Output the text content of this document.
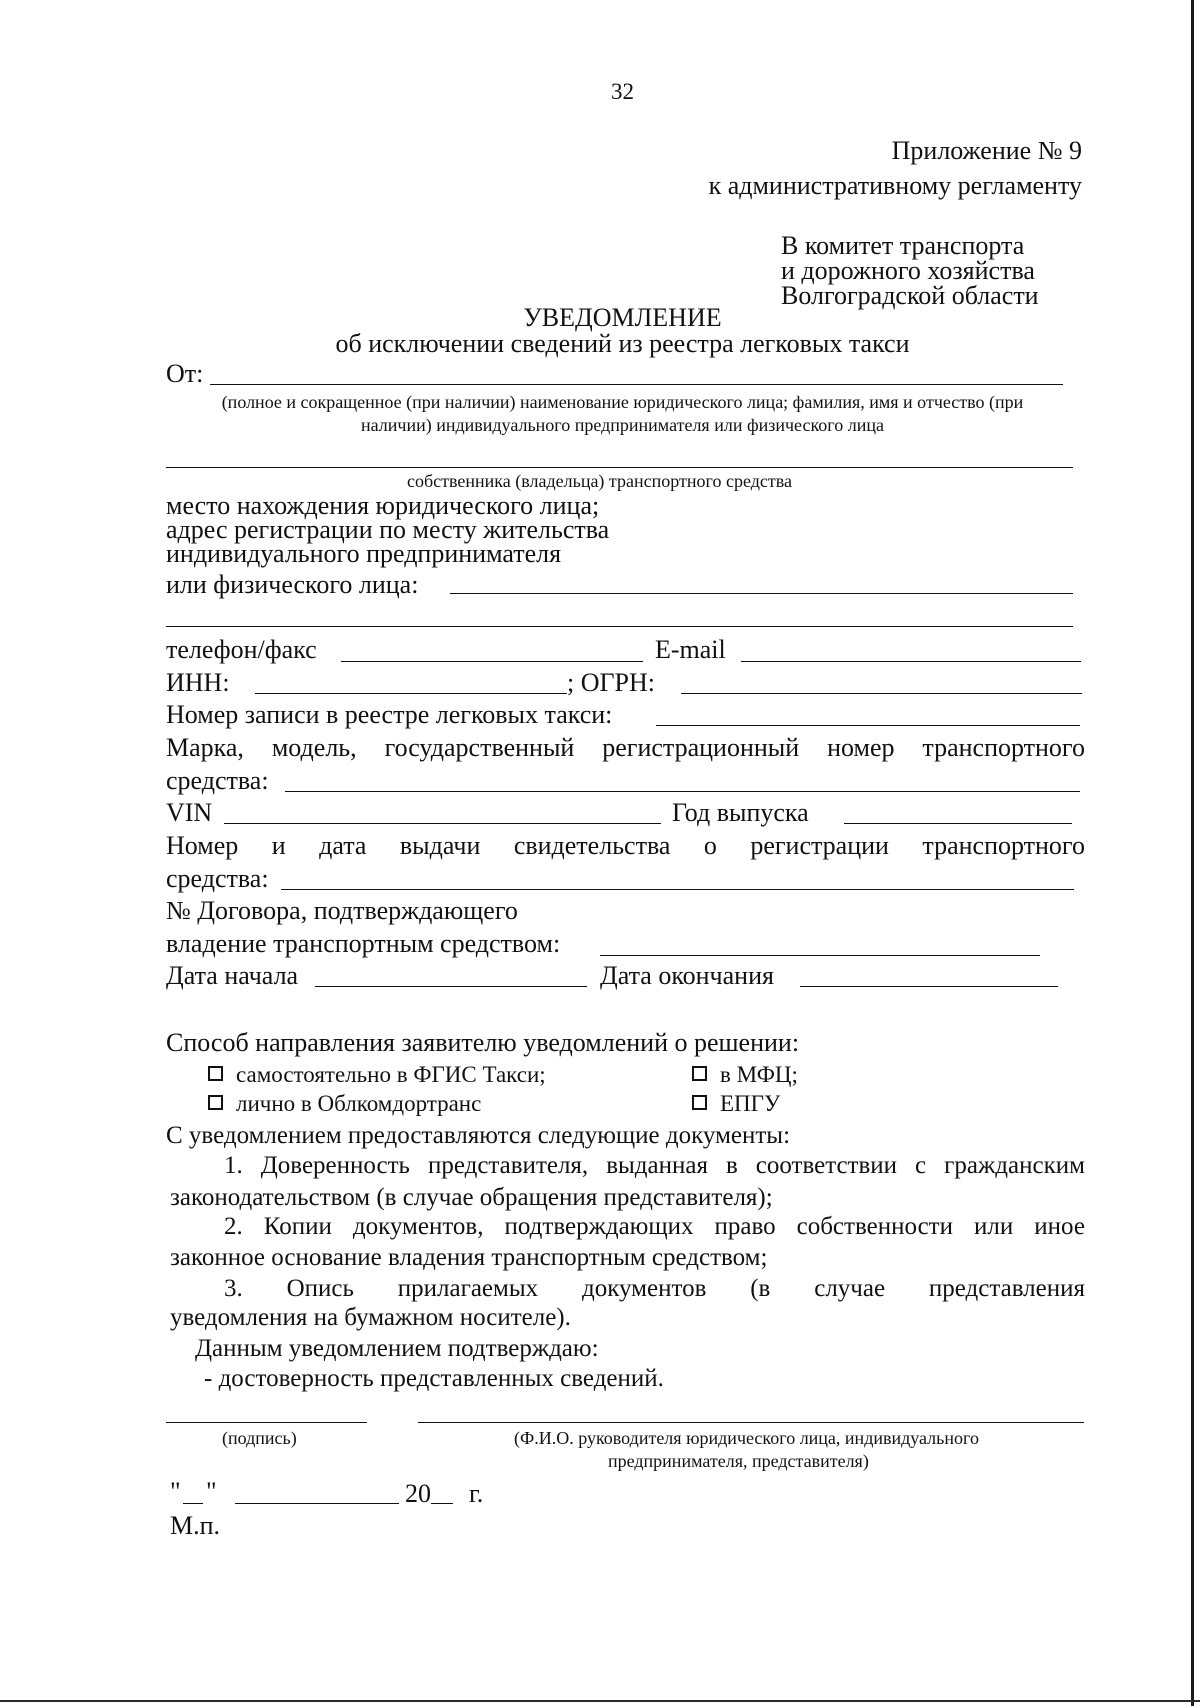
32
Приложение № 9
к административному регламенту
В комитет транспорта
и дорожного хозяйства
Волгоградской области
УВЕДОМЛЕНИЕ
об исключении сведений из реестра легковых такси
От:
(полное и сокращенное (при наличии) наименование юридического лица; фамилия, имя и отчество (при
наличии) индивидуального предпринимателя или физического лица
собственника (владельца) транспортного средства
место нахождения юридического лица;
адрес регистрации по месту жительства
индивидуального предпринимателя
или физического лица:
телефон/факс	E-mail
ИНН:	; ОГРН:
Номер записи в реестре легковых такси:
Марка, модель, государственный регистрационный номер транспортного
средства:
VIN	Год выпуска
Номер и дата выдачи свидетельства о регистрации транспортного
средства:
№ Договора, подтверждающего
владение транспортным средством:
Дата начала	Дата окончания
Способ направления заявителю уведомлений о решении:
самостоятельно в ФГИС Такси;	в МФЦ;
лично в Облкомдортранс	ЕПГУ
С уведомлением предоставляются следующие документы:
1. Доверенность представителя, выданная в соответствии с гражданским
законодательством (в случае обращения представителя);
2. Копии документов, подтверждающих право собственности или иное
законное основание владения транспортным средством;
3. Опись прилагаемых документов (в случае представления
уведомления на бумажном носителе).
Данным уведомлением подтверждаю:
- достоверность представленных сведений.
(подпись)	(Ф.И.О. руководителя юридического лица, индивидуального
предпринимателя, представителя)
" "	20 г.
М.п.
